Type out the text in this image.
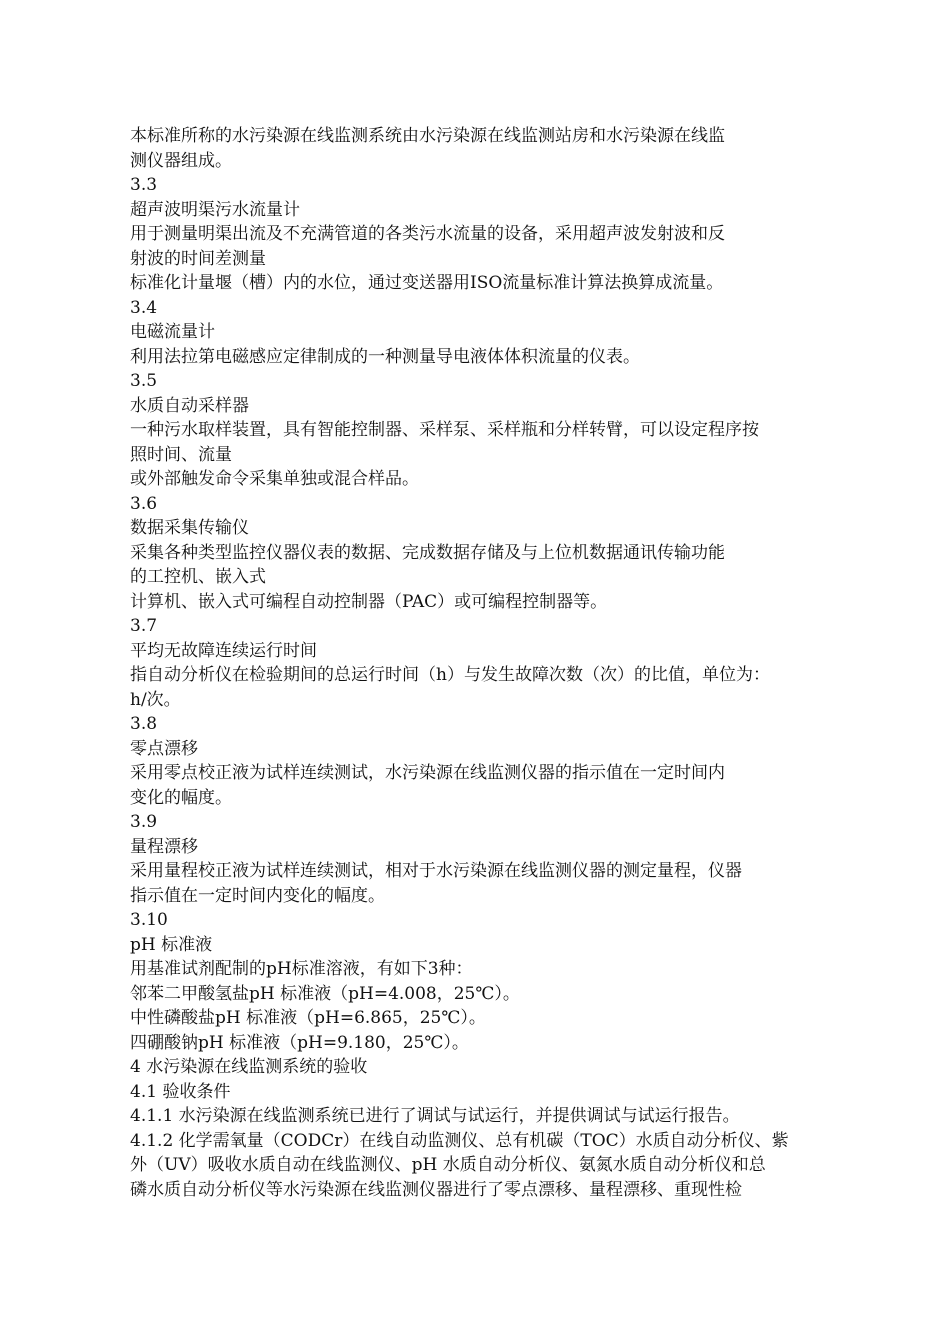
本标准所称的水污染源在线监测系统由水污染源在线监测站房和水污染源在线监
测仪器组成。
3.3
超声波明渠污水流量计
用于测量明渠出流及不充满管道的各类污水流量的设备，采用超声波发射波和反
射波的时间差测量
标准化计量堰（槽）内的水位，通过变送器用ISO流量标准计算法换算成流量。
3.4
电磁流量计
利用法拉第电磁感应定律制成的一种测量导电液体体积流量的仪表。
3.5
水质自动采样器
一种污水取样装置，具有智能控制器、采样泵、采样瓶和分样转臂，可以设定程序按
照时间、流量
或外部触发命令采集单独或混合样品。
3.6
数据采集传输仪
采集各种类型监控仪器仪表的数据、完成数据存储及与上位机数据通讯传输功能
的工控机、嵌入式
计算机、嵌入式可编程自动控制器（PAC）或可编程控制器等。
3.7
平均无故障连续运行时间
指自动分析仪在检验期间的总运行时间（h）与发生故障次数（次）的比值，单位为：
h/次。
3.8
零点漂移
采用零点校正液为试样连续测试，水污染源在线监测仪器的指示值在一定时间内
变化的幅度。
3.9
量程漂移
采用量程校正液为试样连续测试，相对于水污染源在线监测仪器的测定量程，仪器
指示值在一定时间内变化的幅度。
3.10
pH 标准液
用基准试剂配制的pH标准溶液，有如下3种：
邻苯二甲酸氢盐pH 标准液（pH=4.008，25℃）。
中性磷酸盐pH 标准液（pH=6.865，25℃）。
四硼酸钠pH 标准液（pH=9.180，25℃）。
4 水污染源在线监测系统的验收
4.1 验收条件
4.1.1 水污染源在线监测系统已进行了调试与试运行，并提供调试与试运行报告。
4.1.2 化学需氧量（CODCr）在线自动监测仪、总有机碳（TOC）水质自动分析仪、紫
外（UV）吸收水质自动在线监测仪、pH 水质自动分析仪、氨氮水质自动分析仪和总
磷水质自动分析仪等水污染源在线监测仪器进行了零点漂移、量程漂移、重现性检
